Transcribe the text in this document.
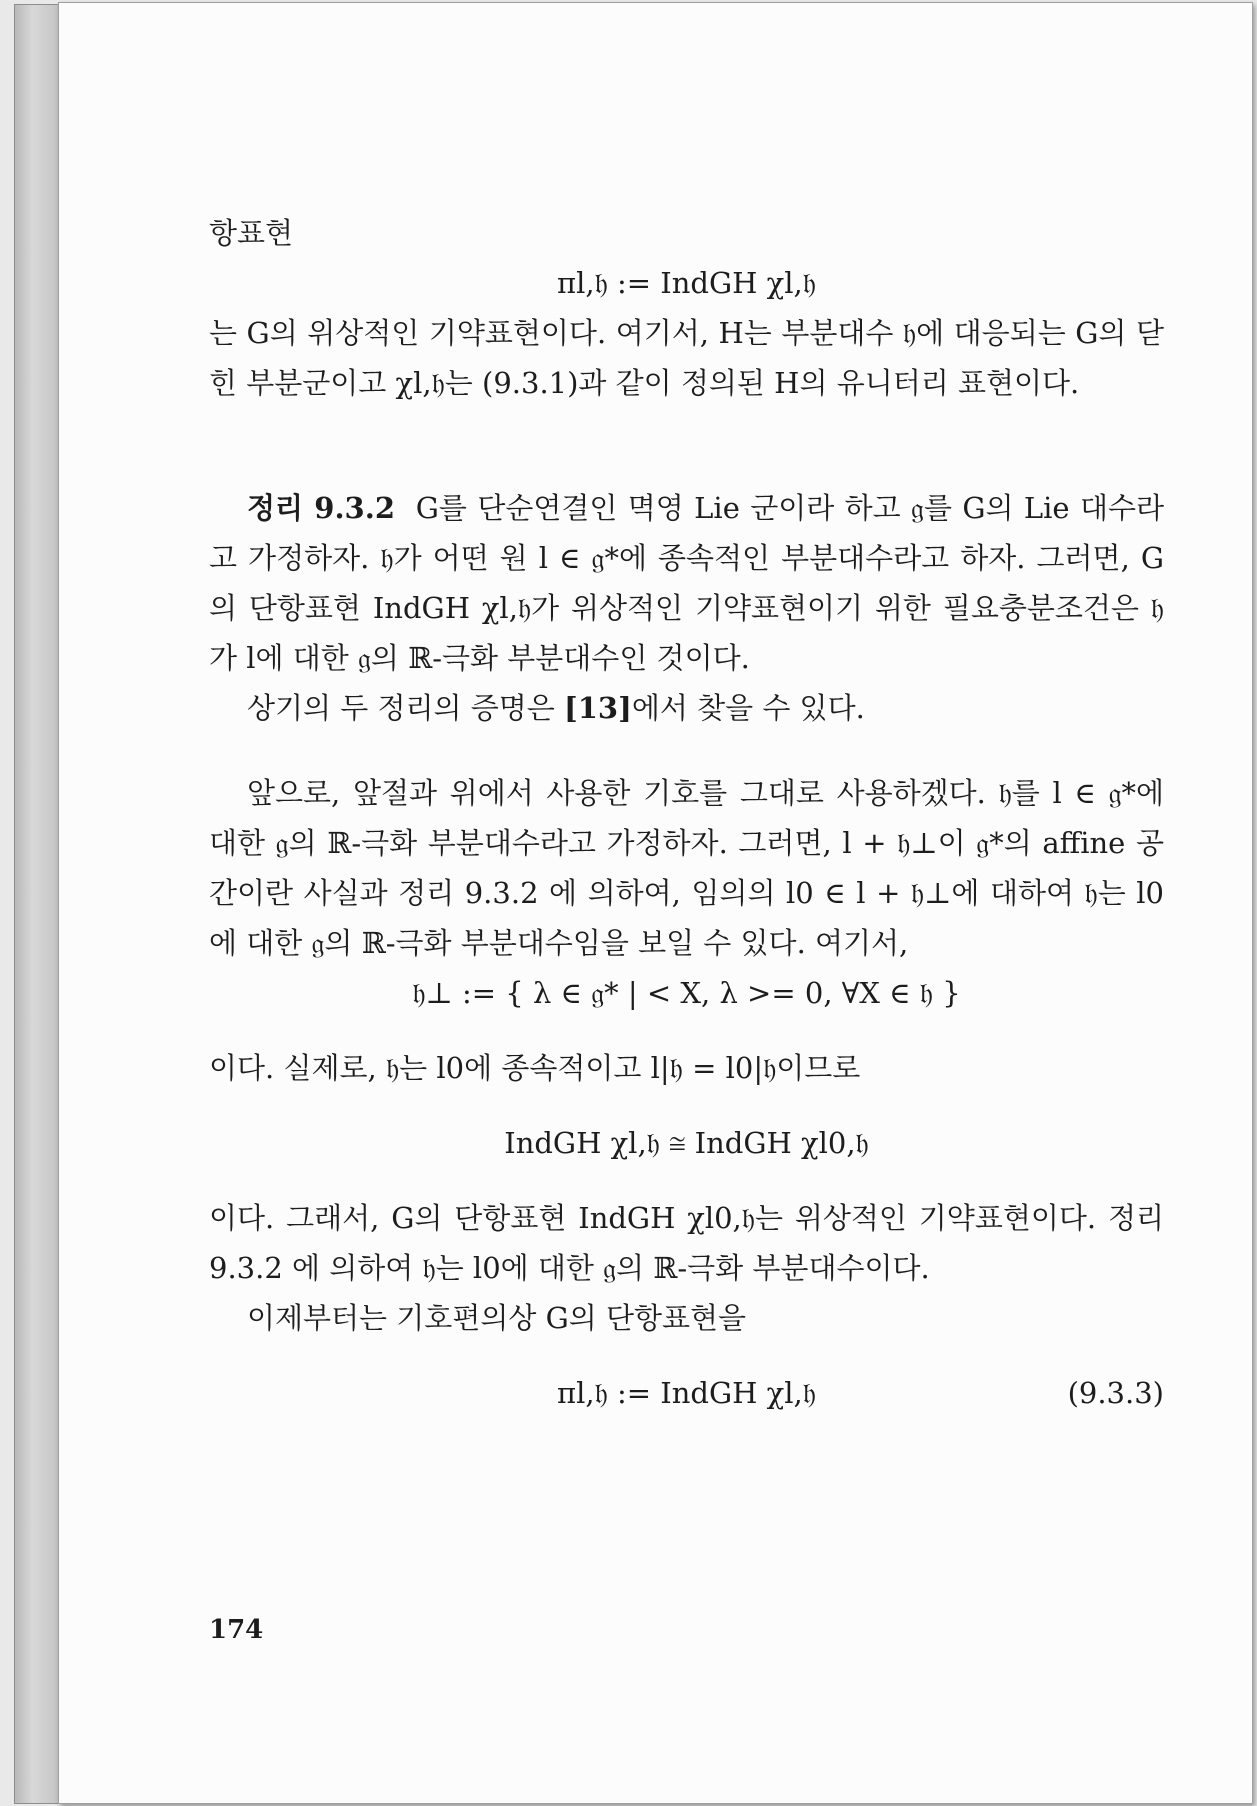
항표현

πl,𝔥 := IndGH χl,𝔥

는 G의 위상적인 기약표현이다. 여기서, H는 부분대수 𝔥에 대응되는 G의 닫힌 부분군이고 χl,𝔥는 (9.3.1)과 같이 정의된 H의 유니터리 표현이다.

정리 9.3.2 G를 단순연결인 멱영 Lie 군이라 하고 𝔤를 G의 Lie 대수라고 가정하자. 𝔥가 어떤 원 l ∈ 𝔤*에 종속적인 부분대수라고 하자. 그러면, G의 단항표현 IndGH χl,𝔥가 위상적인 기약표현이기 위한 필요충분조건은 𝔥가 l에 대한 𝔤의 ℝ-극화 부분대수인 것이다.

상기의 두 정리의 증명은 [13]에서 찾을 수 있다.

앞으로, 앞절과 위에서 사용한 기호를 그대로 사용하겠다. 𝔥를 l ∈ 𝔤*에 대한 𝔤의 ℝ-극화 부분대수라고 가정하자. 그러면, l + 𝔥⊥이 𝔤*의 affine 공간이란 사실과 정리 9.3.2 에 의하여, 임의의 l0 ∈ l + 𝔥⊥에 대하여 𝔥는 l0에 대한 𝔤의 ℝ-극화 부분대수임을 보일 수 있다. 여기서,

𝔥⊥ := { λ ∈ 𝔤* | < X, λ >= 0, ∀X ∈ 𝔥 }

이다. 실제로, 𝔥는 l0에 종속적이고 l|𝔥 = l0|𝔥이므로

IndGH χl,𝔥 ≅ IndGH χl0,𝔥

이다. 그래서, G의 단항표현 IndGH χl0,𝔥는 위상적인 기약표현이다. 정리 9.3.2 에 의하여 𝔥는 l0에 대한 𝔤의 ℝ-극화 부분대수이다.

이제부터는 기호편의상 G의 단항표현을

πl,𝔥 := IndGH χl,𝔥	(9.3.3)
174
